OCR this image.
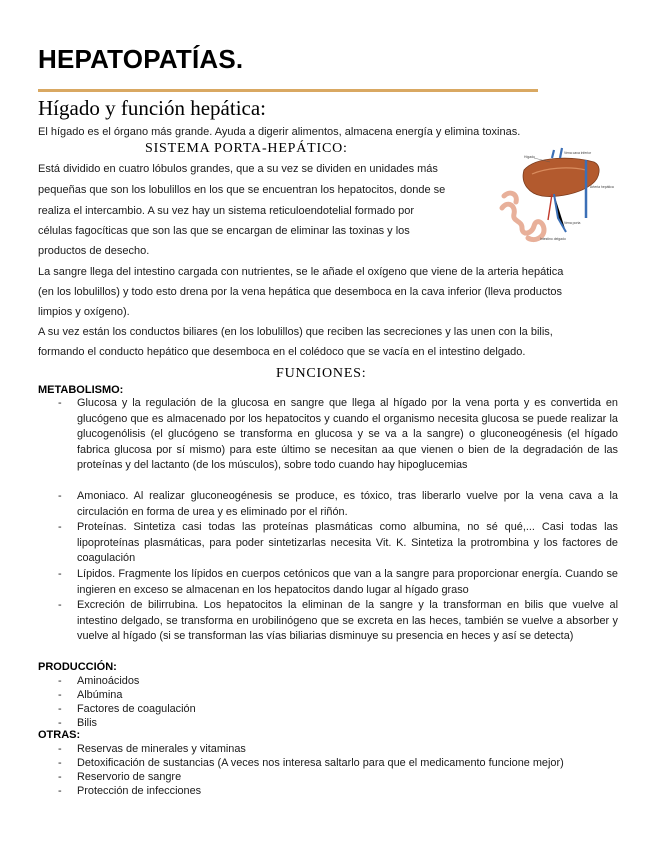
HEPATOPATÍAS.
Hígado y función hepática:

El hígado es el órgano más grande. Ayuda a digerir alimentos, almacena energía y elimina toxinas.

SISTEMA PORTA-HEPÁTICO:

Está dividido en cuatro lóbulos grandes, que a su vez se dividen en unidades más

pequeñas que son los lobulillos en los que se encuentran los hepatocitos, donde se

realiza el intercambio. A su vez hay un sistema reticuloendotelial formado por

células fagocíticas que son las que se encargan de eliminar las toxinas y los

productos de desecho.

La sangre llega del intestino cargada con nutrientes, se le añade el oxígeno que viene de la arteria hepática

(en los lobulillos) y todo esto drena por la vena hepática que desemboca en la cava inferior (lleva productos

limpios y oxígeno).

A su vez están los conductos biliares (en los lobulillos) que reciben las secreciones y las unen con la bilis,

formando el conducto hepático que desemboca en el colédoco que se vacía en el intestino delgado.

Hígado
Vena cava inferior
Arteria hepática
Vena porta
Intestino delgado
FUNCIONES:

METABOLISMO:

- Glucosa y la regulación de la glucosa en sangre que llega al hígado por la vena porta y es convertida en glucógeno que es almacenado por los hepatocitos y cuando el organismo necesita glucosa se puede realizar la glucogenólisis (el glucógeno se transforma en glucosa y se va a la sangre) o gluconeogénesis (el hígado fabrica glucosa por sí mismo) para este último se necesitan aa que vienen o bien de la degradación de las proteínas y del lactanto (de los músculos), sobre todo cuando hay hipoglucemias
- Amoniaco. Al realizar gluconeogénesis se produce, es tóxico, tras liberarlo vuelve por la vena cava a la circulación en forma de urea y es eliminado por el riñón.
- Proteínas. Sintetiza casi todas las proteínas plasmáticas como albumina, no sé qué,... Casi todas las lipoproteínas plasmáticas, para poder sintetizarlas necesita Vit. K. Sintetiza la protrombina y los factores de coagulación
- Lípidos. Fragmente los lípidos en cuerpos cetónicos que van a la sangre para proporcionar energía. Cuando se ingieren en exceso se almacenan en los hepatocitos dando lugar al hígado graso
- Excreción de bilirrubina. Los hepatocitos la eliminan de la sangre y la transforman en bilis que vuelve al intestino delgado, se transforma en urobilinógeno que se excreta en las heces, también se vuelve a absorber y vuelve al hígado (si se transforman las vías biliarias disminuye su presencia en heces y así se detecta)

PRODUCCIÓN:

- Aminoácidos

- Albúmina

- Factores de coagulación

- Bilis

OTRAS:

- Reservas de minerales y vitaminas

- Detoxificación de sustancias (A veces nos interesa saltarlo para que el medicamento funcione mejor)

- Reservorio de sangre

- Protección de infecciones
